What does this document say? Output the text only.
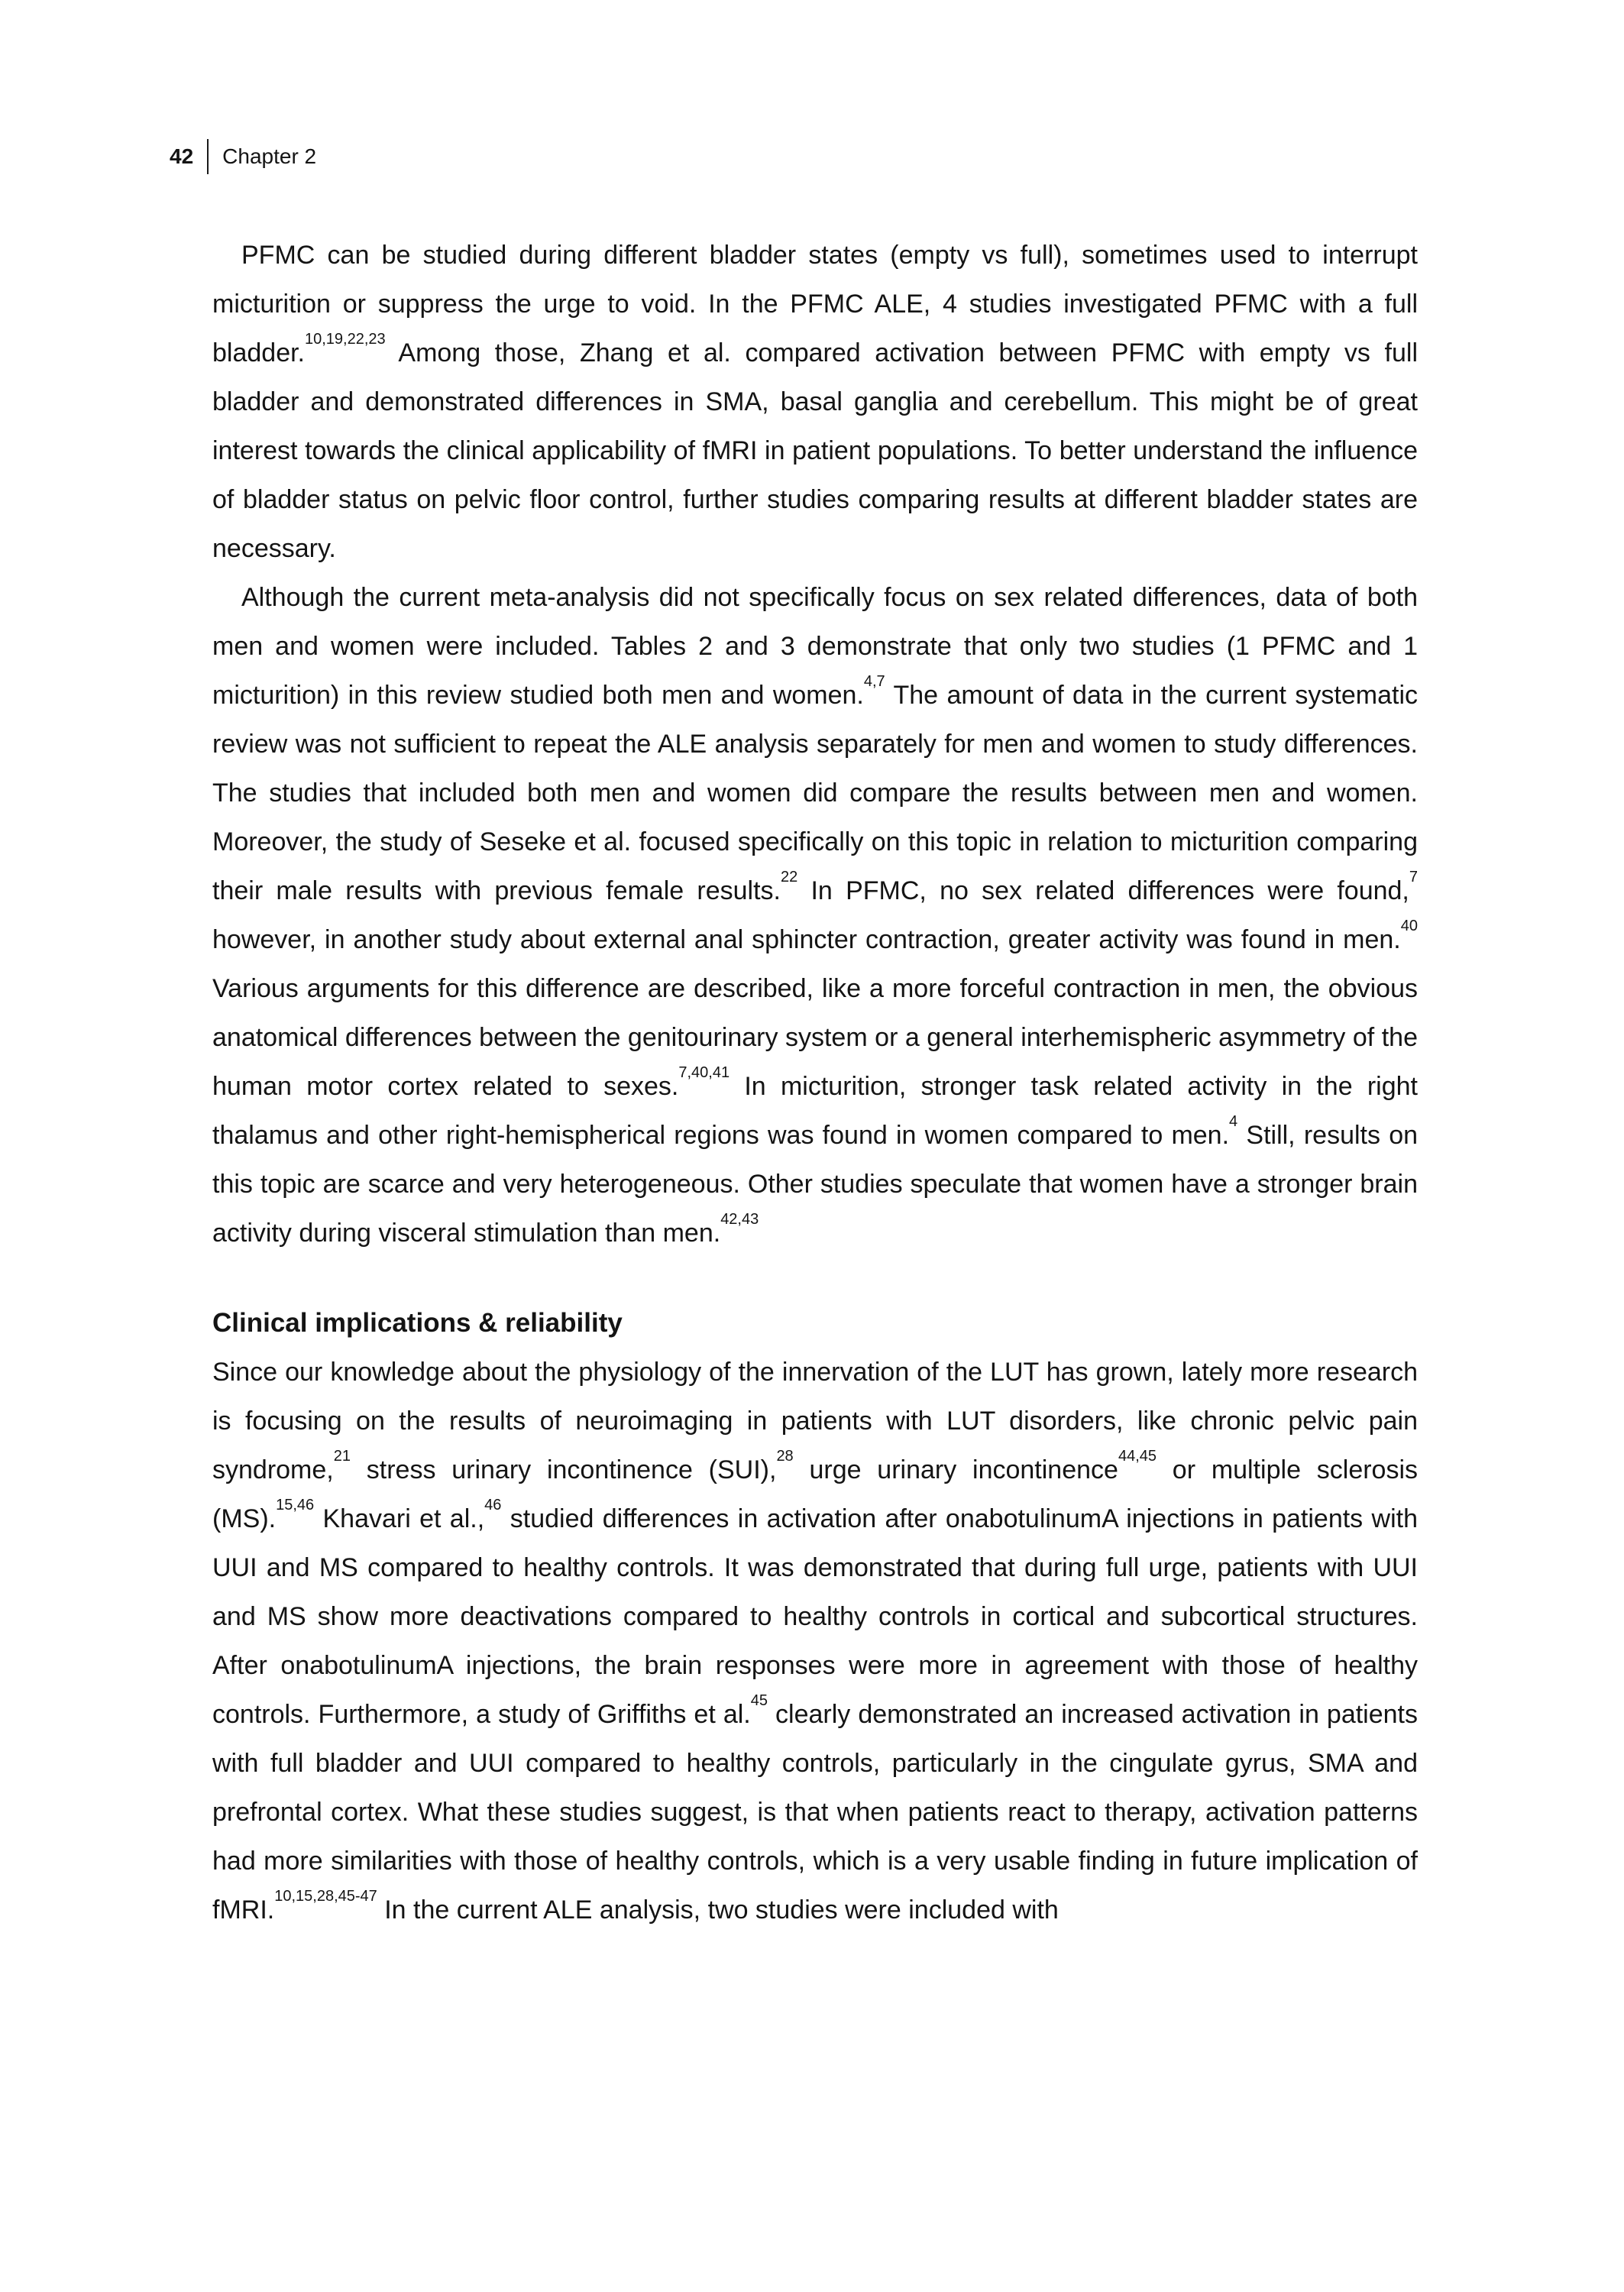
42 Chapter 2

PFMC can be studied during different bladder states (empty vs full), sometimes used to interrupt micturition or suppress the urge to void. In the PFMC ALE, 4 studies investigated PFMC with a full bladder.$^{10,19,22,23}$ Among those, Zhang et al. compared activation between PFMC with empty vs full bladder and demonstrated differences in SMA, basal ganglia and cerebellum. This might be of great interest towards the clinical applicability of fMRI in patient populations. To better understand the influence of bladder status on pelvic floor control, further studies comparing results at different bladder states are necessary.

Although the current meta-analysis did not specifically focus on sex related differences, data of both men and women were included. Tables 2 and 3 demonstrate that only two studies (1 PFMC and 1 micturition) in this review studied both men and women.$^{4,7}$ The amount of data in the current systematic review was not sufficient to repeat the ALE analysis separately for men and women to study differences. The studies that included both men and women did compare the results between men and women. Moreover, the study of Seseke et al. focused specifically on this topic in relation to micturition comparing their male results with previous female results.$^{22}$ In PFMC, no sex related differences were found,$^7$ however, in another study about external anal sphincter contraction, greater activity was found in men.$^{40}$ Various arguments for this difference are described, like a more forceful contraction in men, the obvious anatomical differences between the genitourinary system or a general interhemispheric asymmetry of the human motor cortex related to sexes.$^{7,40,41}$ In micturition, stronger task related activity in the right thalamus and other right-hemispherical regions was found in women compared to men.$^4$ Still, results on this topic are scarce and very heterogeneous. Other studies speculate that women have a stronger brain activity during visceral stimulation than men.$^{42,43}$

Clinical implications & reliability

Since our knowledge about the physiology of the innervation of the LUT has grown, lately more research is focusing on the results of neuroimaging in patients with LUT disorders, like chronic pelvic pain syndrome,$^{21}$ stress urinary incontinence (SUI),$^{28}$ urge urinary incontinence$^{44,45}$ or multiple sclerosis (MS).$^{15,46}$ Khavari et al.,$^{46}$ studied differences in activation after onabotulinumA injections in patients with UUI and MS compared to healthy controls. It was demonstrated that during full urge, patients with UUI and MS show more deactivations compared to healthy controls in cortical and subcortical structures. After onabotulinumA injections, the brain responses were more in agreement with those of healthy controls. Furthermore, a study of Griffiths et al.$^{45}$ clearly demonstrated an increased activation in patients with full bladder and UUI compared to healthy controls, particularly in the cingulate gyrus, SMA and prefrontal cortex. What these studies suggest, is that when patients react to therapy, activation patterns had more similarities with those of healthy controls, which is a very usable finding in future implication of fMRI.$^{10,15,28,45-47}$ In the current ALE analysis, two studies were included with
